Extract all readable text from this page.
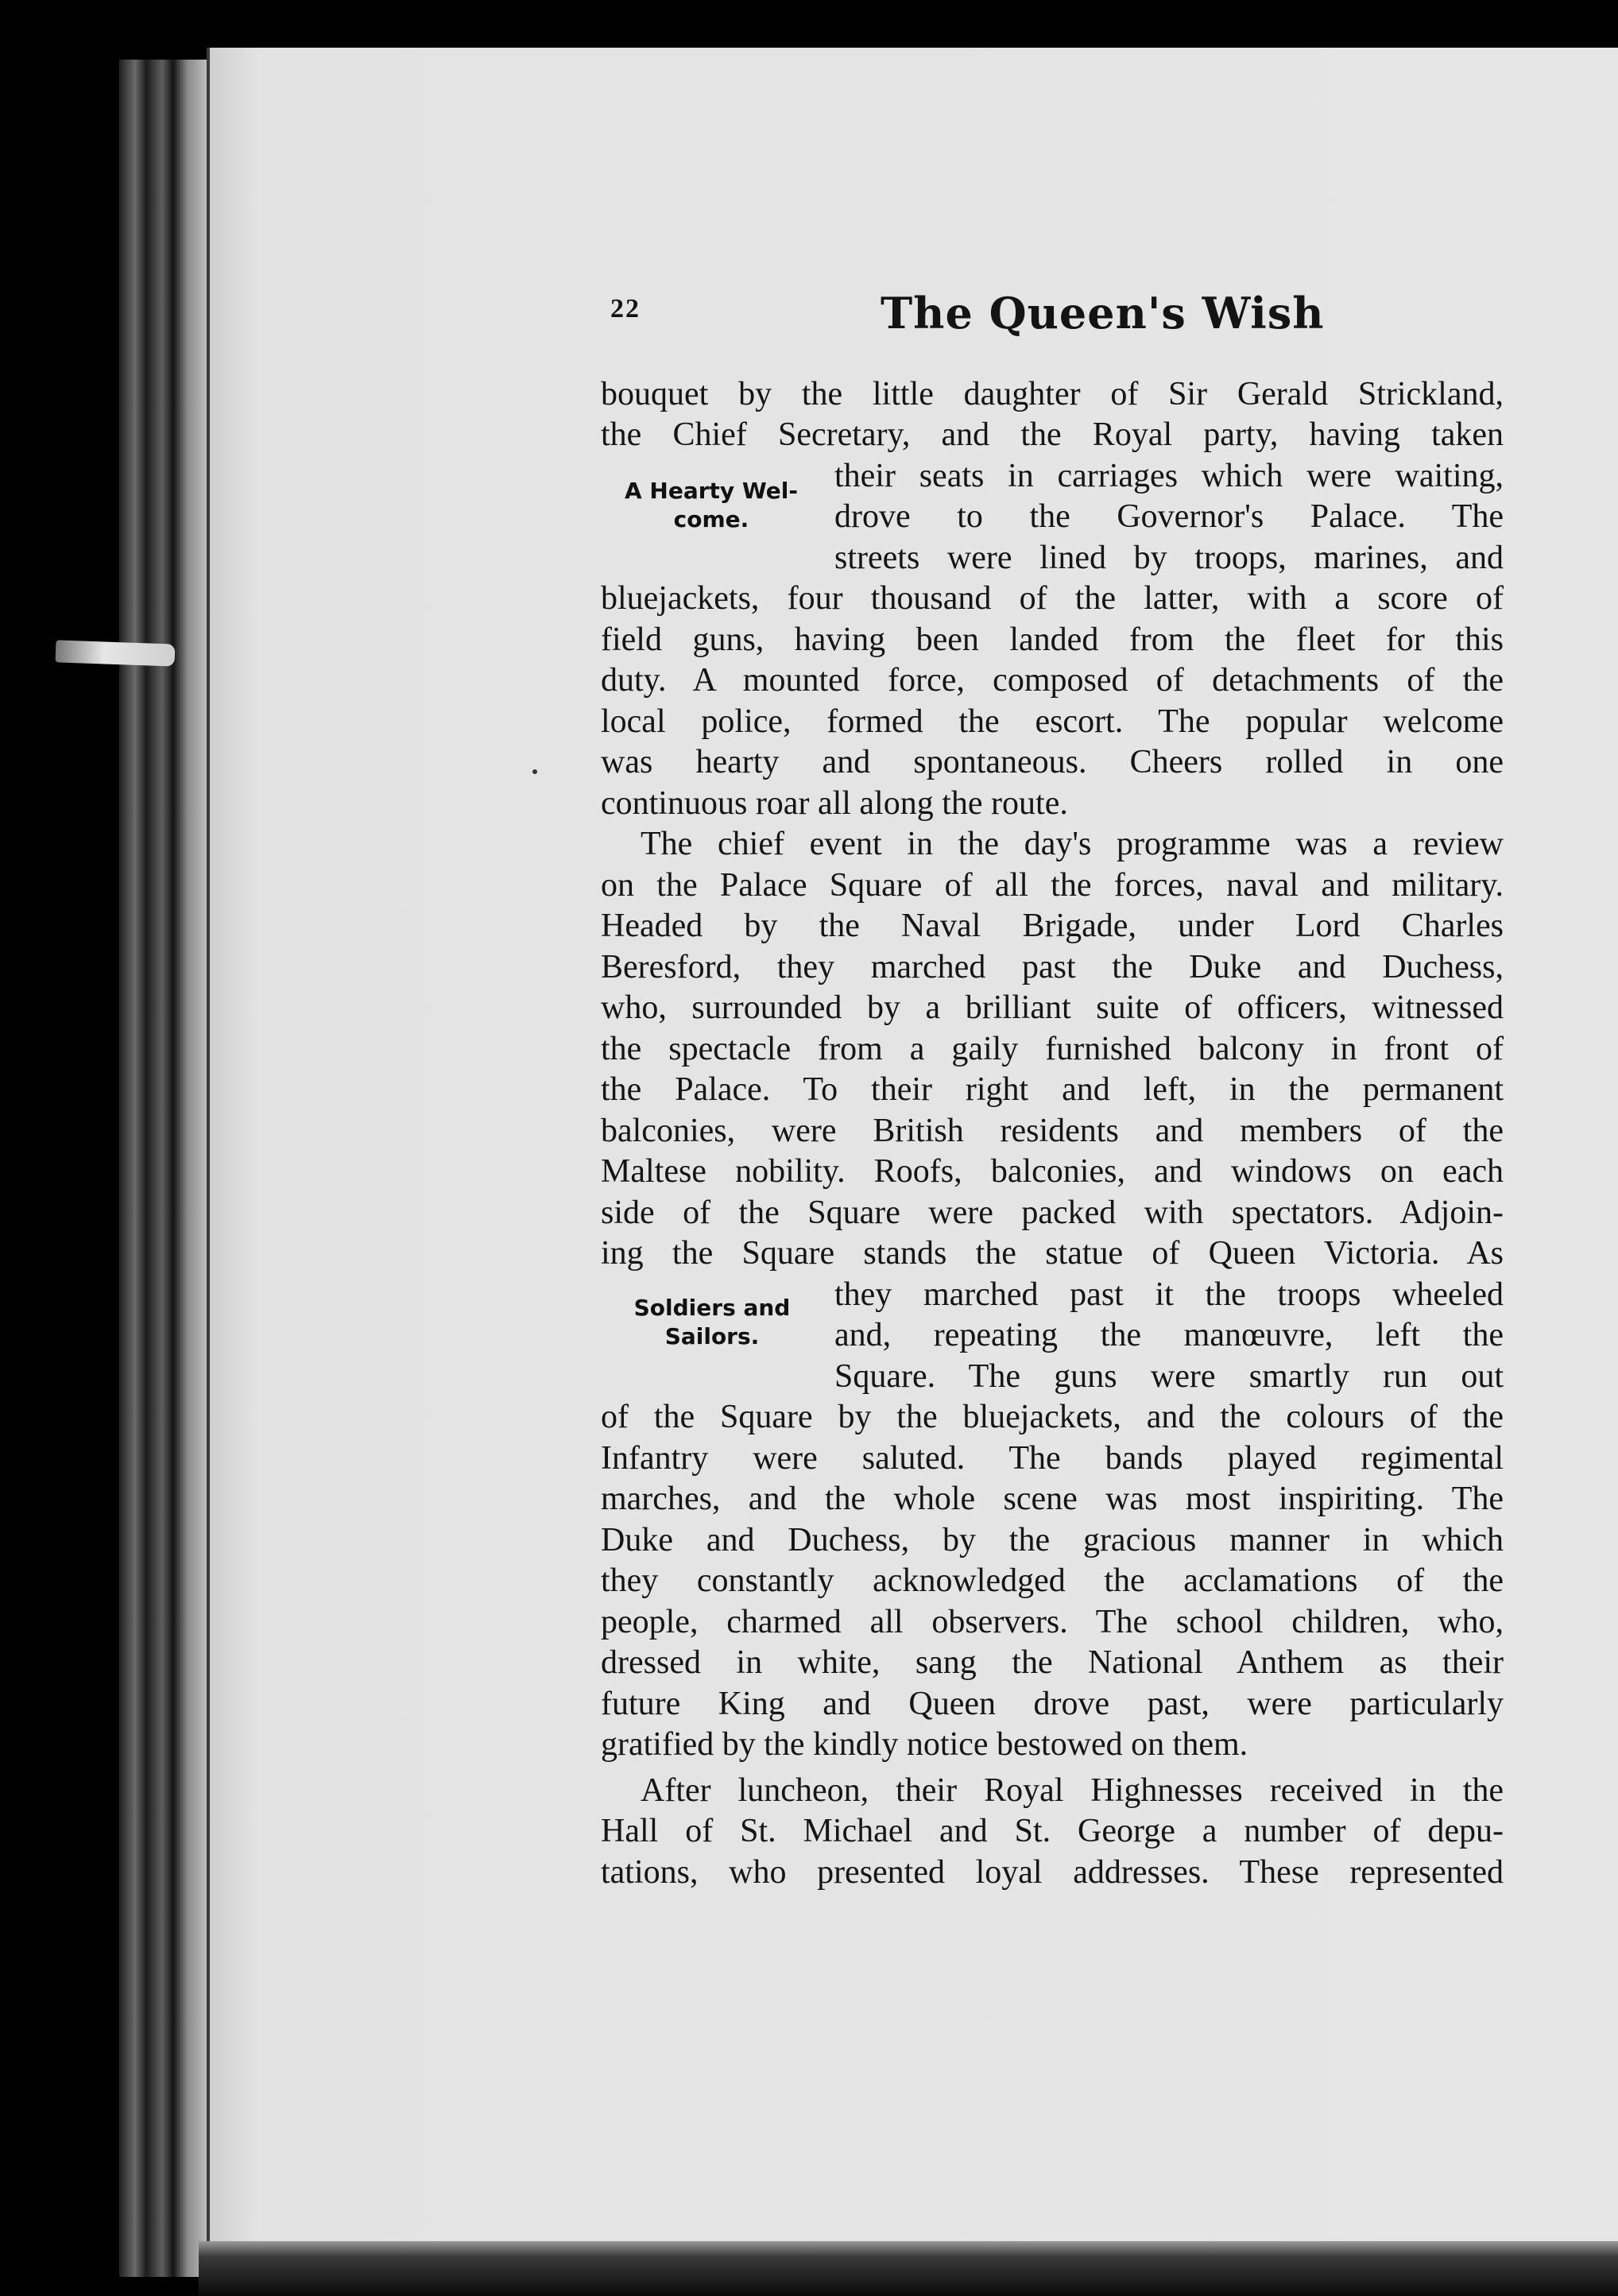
22	The Queen's Wish
A Hearty Wel-
come.
Soldiers and
Sailors.
bouquet by the little daughter of Sir Gerald Strickland,
the Chief Secretary, and the Royal party, having taken
their seats in carriages which were waiting,
drove to the Governor's Palace. The
streets were lined by troops, marines, and
bluejackets, four thousand of the latter, with a score of
field guns, having been landed from the fleet for this
duty. A mounted force, composed of detachments of the
local police, formed the escort. The popular welcome
was hearty and spontaneous. Cheers rolled in one
continuous roar all along the route.
The chief event in the day's programme was a review
on the Palace Square of all the forces, naval and military.
Headed by the Naval Brigade, under Lord Charles
Beresford, they marched past the Duke and Duchess,
who, surrounded by a brilliant suite of officers, witnessed
the spectacle from a gaily furnished balcony in front of
the Palace. To their right and left, in the permanent
balconies, were British residents and members of the
Maltese nobility. Roofs, balconies, and windows on each
side of the Square were packed with spectators. Adjoin-
ing the Square stands the statue of Queen Victoria. As
they marched past it the troops wheeled
and, repeating the manœuvre, left the
Square. The guns were smartly run out
of the Square by the bluejackets, and the colours of the
Infantry were saluted. The bands played regimental
marches, and the whole scene was most inspiriting. The
Duke and Duchess, by the gracious manner in which
they constantly acknowledged the acclamations of the
people, charmed all observers. The school children, who,
dressed in white, sang the National Anthem as their
future King and Queen drove past, were particularly
gratified by the kindly notice bestowed on them.
After luncheon, their Royal Highnesses received in the
Hall of St. Michael and St. George a number of depu-
tations, who presented loyal addresses. These represented
